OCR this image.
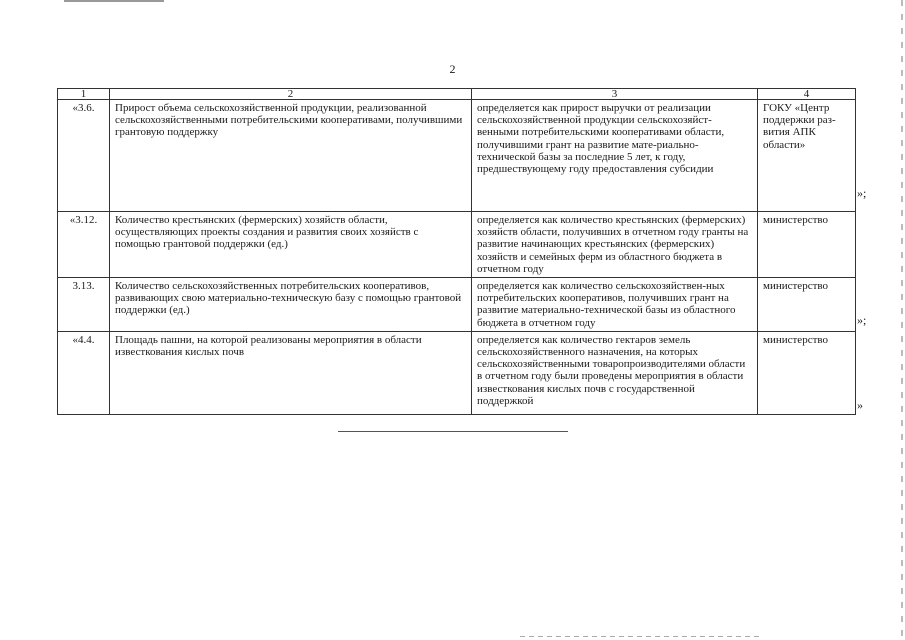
2
1	2	3	4
«3.6.	Прирост объема сельскохозяйственной продукции, реализованной сельскохозяйственными потребительскими кооперативами, получившими грантовую поддержку	определяется как прирост выручки от реализации сельскохозяйственной продукции сельскохозяйст-венными потребительскими кооперативами области, получившими грант на развитие мате-риально-технической базы за последние 5 лет, к году, предшествующему году предоставления субсидии	ГОКУ «Центр поддержки раз-вития АПК области»
«3.12.	Количество крестьянских (фермерских) хозяйств области, осуществляющих проекты создания и развития своих хозяйств с помощью грантовой поддержки (ед.)	определяется как количество крестьянских (фермерских) хозяйств области, получивших в отчетном году гранты на развитие начинающих крестьянских (фермерских) хозяйств и семейных ферм из областного бюджета в отчетном году	министерство
3.13.	Количество сельскохозяйственных потребительских кооперативов, развивающих свою материально-техническую базу с помощью грантовой поддержки (ед.)	определяется как количество сельскохозяйствен-ных потребительских кооперативов, получивших грант на развитие материально-технической базы из областного бюджета в отчетном году	министерство
«4.4.	Площадь пашни, на которой реализованы мероприятия в области известкования кислых почв	определяется как количество гектаров земель сельскохозяйственного назначения, на которых сельскохозяйственными товаропроизводителями области в отчетном году были проведены мероприятия в области известкования кислых почв с государственной поддержкой	министерство
»;
»;
»
